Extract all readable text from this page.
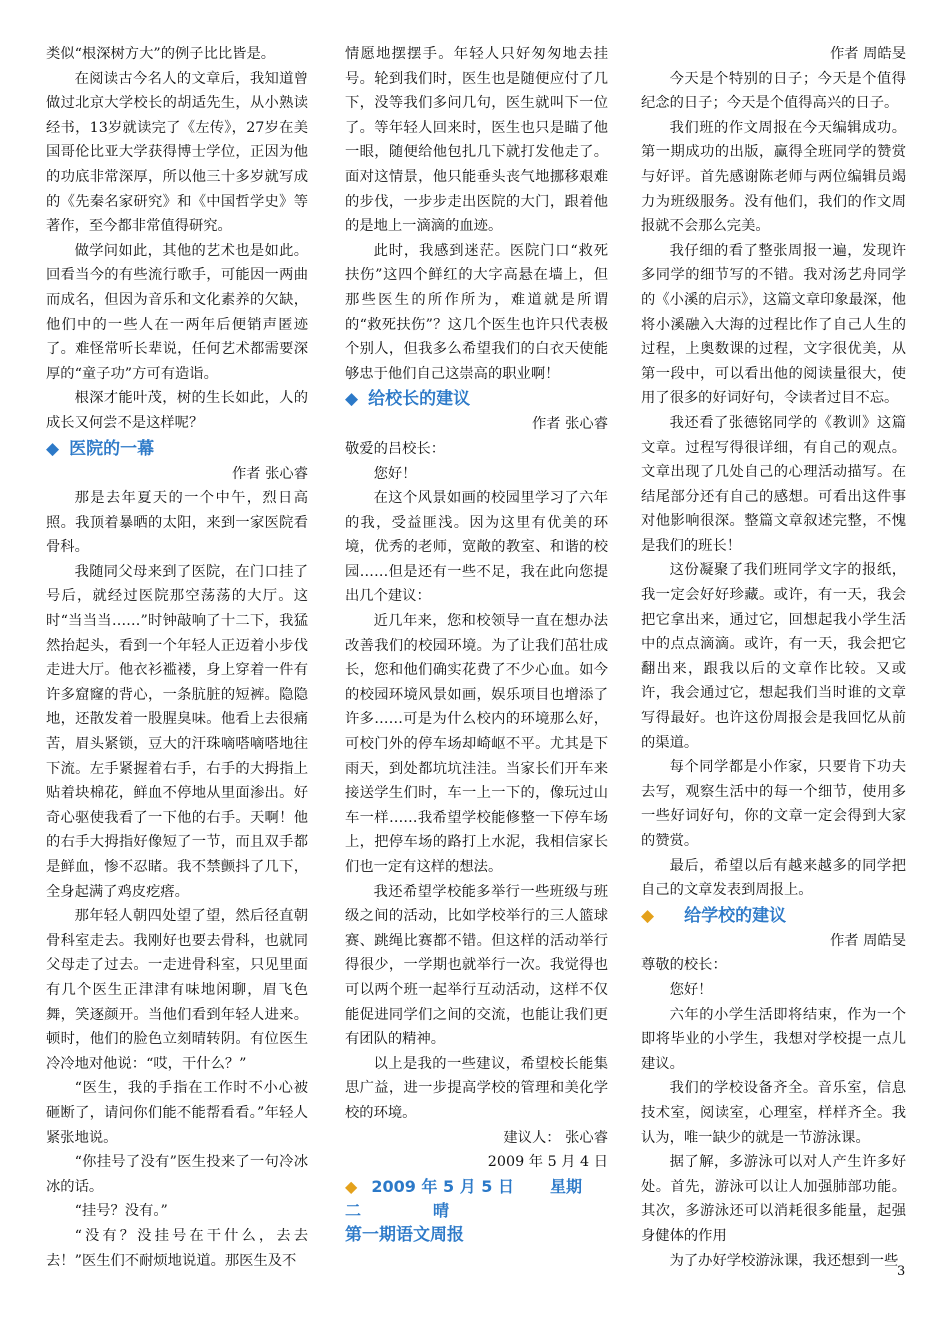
类似“根深树方大”的例子比比皆是。

在阅读古今名人的文章后，我知道曾做过北京大学校长的胡适先生，从小熟读经书，13岁就读完了《左传》，27岁在美国哥伦比亚大学获得博士学位，正因为他的功底非常深厚，所以他三十多岁就写成的《先秦名家研究》和《中国哲学史》等著作，至今都非常值得研究。

做学问如此，其他的艺术也是如此。回看当今的有些流行歌手，可能因一两曲而成名，但因为音乐和文化素养的欠缺，他们中的一些人在一两年后便销声匿迹了。难怪常听长辈说，任何艺术都需要深厚的“童子功”方可有造诣。

根深才能叶茂，树的生长如此，人的成长又何尝不是这样呢？

◆ 医院的一幕

作者 张心睿

那是去年夏天的一个中午，烈日高照。我顶着暴晒的太阳，来到一家医院看骨科。

我随同父母来到了医院，在门口挂了号后，就经过医院那空荡荡的大厅。这时“当当当……”时钟敲响了十二下，我猛然抬起头，看到一个年轻人正迈着小步伐走进大厅。他衣衫褴褛，身上穿着一件有许多窟窿的背心，一条肮脏的短裤。隐隐地，还散发着一股腥臭味。他看上去很痛苦，眉头紧锁，豆大的汗珠嘀嗒嘀嗒地往下流。左手紧握着右手，右手的大拇指上贴着块棉花，鲜血不停地从里面渗出。好奇心驱使我看了一下他的右手。天啊！他的右手大拇指好像短了一节，而且双手都是鲜血，惨不忍睹。我不禁颤抖了几下，全身起满了鸡皮疙瘩。

那年轻人朝四处望了望，然后径直朝骨科室走去。我刚好也要去骨科，也就同父母走了过去。一走进骨科室，只见里面有几个医生正津津有味地闲聊，眉飞色舞，笑逐颜开。当他们看到年轻人进来。顿时，他们的脸色立刻晴转阴。有位医生冷冷地对他说：“哎，干什么？”

“医生，我的手指在工作时不小心被砸断了，请问你们能不能帮看看。”年轻人紧张地说。

“你挂号了没有”医生投来了一句冷冰冰的话。

“挂号？没有。”

“没有？没挂号在干什么，去去去！”医生们不耐烦地说道。那医生及不

情愿地摆摆手。年轻人只好匆匆地去挂号。轮到我们时，医生也是随便应付了几下，没等我们多问几句，医生就叫下一位了。等年轻人回来时，医生也只是瞄了他一眼，随便给他包扎几下就打发他走了。面对这情景，他只能垂头丧气地挪移艰难的步伐，一步步走出医院的大门，跟着他的是地上一滴滴的血迹。

此时，我感到迷茫。医院门口“救死扶伤”这四个鲜红的大字高悬在墙上，但那些医生的所作所为，难道就是所谓的“救死扶伤”？这几个医生也许只代表极个别人，但我多么希望我们的白衣天使能够忠于他们自己这崇高的职业啊！

◆ 给校长的建议

作者 张心睿

敬爱的吕校长：

您好！

在这个风景如画的校园里学习了六年的我，受益匪浅。因为这里有优美的环境，优秀的老师，宽敞的教室、和谐的校园……但是还有一些不足，我在此向您提出几个建议：

近几年来，您和校领导一直在想办法改善我们的校园环境。为了让我们茁壮成长，您和他们确实花费了不少心血。如今的校园环境风景如画，娱乐项目也增添了许多……可是为什么校内的环境那么好，可校门外的停车场却崎岖不平。尤其是下雨天，到处都坑坑洼洼。当家长们开车来接送学生们时，车一上一下的，像玩过山车一样……我希望学校能修整一下停车场上，把停车场的路打上水泥，我相信家长们也一定有这样的想法。

我还希望学校能多举行一些班级与班级之间的活动，比如学校举行的三人篮球赛、跳绳比赛都不错。但这样的活动举行得很少，一学期也就举行一次。我觉得也可以两个班一起举行互动活动，这样不仅能促进同学们之间的交流，也能让我们更有团队的精神。

以上是我的一些建议，希望校长能集思广益，进一步提高学校的管理和美化学校的环境。

建议人： 张心睿

2009 年 5 月 4 日

◆ 2009 年 5 月 5 日 星期

二	晴

第一期语文周报

作者 周皓旻

今天是个特别的日子；今天是个值得纪念的日子；今天是个值得高兴的日子。

我们班的作文周报在今天编辑成功。第一期成功的出版，赢得全班同学的赞赏与好评。首先感谢陈老师与两位编辑员竭力为班级服务。没有他们，我们的作文周报就不会那么完美。

我仔细的看了整张周报一遍，发现许多同学的细节写的不错。我对汤艺舟同学的《小溪的启示》，这篇文章印象最深，他将小溪融入大海的过程比作了自己人生的过程，上奥数课的过程，文字很优美，从第一段中，可以看出他的阅读量很大，使用了很多的好词好句，令读者过目不忘。

我还看了张德铭同学的《教训》这篇文章。过程写得很详细，有自己的观点。文章出现了几处自己的心理活动描写。在结尾部分还有自己的感想。可看出这件事对他影响很深。整篇文章叙述完整，不愧是我们的班长！

这份凝聚了我们班同学文字的报纸，我一定会好好珍藏。或许，有一天，我会把它拿出来，通过它，回想起我小学生活中的点点滴滴。或许，有一天，我会把它翻出来，跟我以后的文章作比较。又或许，我会通过它，想起我们当时谁的文章写得最好。也许这份周报会是我回忆从前的渠道。

每个同学都是小作家，只要肯下功夫去写，观察生活中的每一个细节，使用多一些好词好句，你的文章一定会得到大家的赞赏。

最后，希望以后有越来越多的同学把自己的文章发表到周报上。

◆ 给学校的建议

作者 周皓旻

尊敬的校长：

您好！

六年的小学生活即将结束，作为一个即将毕业的小学生，我想对学校提一点儿建议。

我们的学校设备齐全。音乐室，信息技术室，阅读室，心理室，样样齐全。我认为，唯一缺少的就是一节游泳课。

据了解，多游泳可以对人产生许多好处。首先，游泳可以让人加强肺部功能。其次，多游泳还可以消耗很多能量，起强身健体的作用

为了办好学校游泳课，我还想到一些

3
